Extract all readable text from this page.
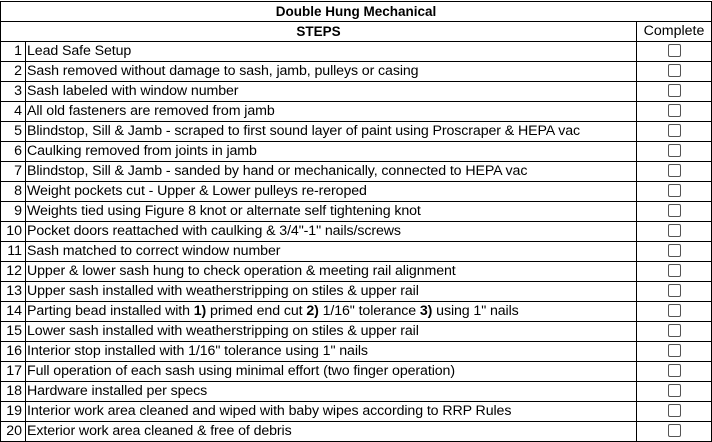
Double Hung Mechanical		
STEPS		Complete
1	Lead Safe Setup	
2	Sash removed without damage to sash, jamb, pulleys or casing	
3	Sash labeled with window number	
4	All old fasteners are removed from jamb	
5	Blindstop, Sill & Jamb - scraped to first sound layer of paint using Proscraper & HEPA vac	
6	Caulking removed from joints in jamb	
7	Blindstop, Sill & Jamb - sanded by hand or mechanically, connected to HEPA vac	
8	Weight pockets cut - Upper & Lower pulleys re-reroped	
9	Weights tied using Figure 8 knot or alternate self tightening knot	
10	Pocket doors reattached with caulking & 3/4"-1" nails/screws	
11	Sash matched to correct window number	
12	Upper & lower sash hung to check operation & meeting rail alignment	
13	Upper sash installed with weatherstripping on stiles & upper rail	
14	Parting bead installed with 1) primed end cut 2) 1/16" tolerance 3) using 1" nails	
15	Lower sash installed with weatherstripping on stiles & upper rail	
16	Interior stop installed with 1/16" tolerance using 1" nails	
17	Full operation of each sash using minimal effort (two finger operation)	
18	Hardware installed per specs	
19	Interior work area cleaned and wiped with baby wipes according to RRP Rules	
20	Exterior work area cleaned & free of debris	
